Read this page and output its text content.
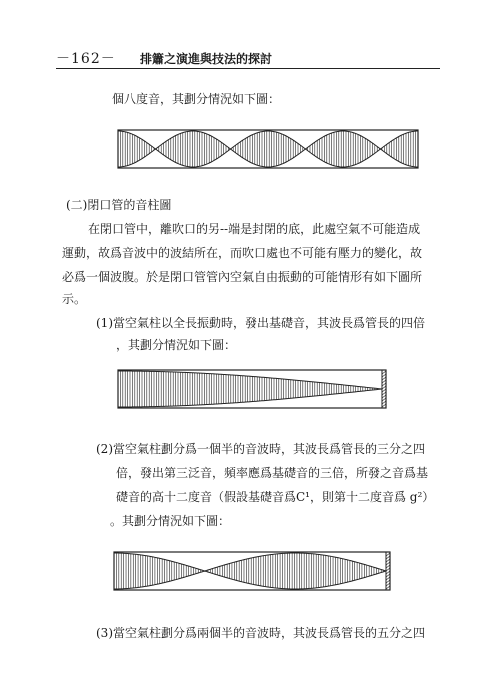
－162－ 排簫之演進與技法的探討
個八度音，其劃分情況如下圖：
(二)閉口管的音柱圖
在閉口管中，離吹口的另--端是封閉的底，此處空氣不可能造成
運動，故爲音波中的波結所在，而吹口處也不可能有壓力的變化，故
必爲一個波腹。於是閉口管管內空氣自由振動的可能情形有如下圖所
示。
(1)當空氣柱以全長振動時，發出基礎音，其波長爲管長的四倍
，其劃分情況如下圖：
(2)當空氣柱劃分爲一個半的音波時，其波長爲管長的三分之四
倍，發出第三泛音，頻率應爲基礎音的三倍，所發之音爲基
礎音的高十二度音（假設基礎音爲C¹，則第十二度音爲 g²）
。其劃分情況如下圖：
(3)當空氣柱劃分爲兩個半的音波時，其波長爲管長的五分之四
